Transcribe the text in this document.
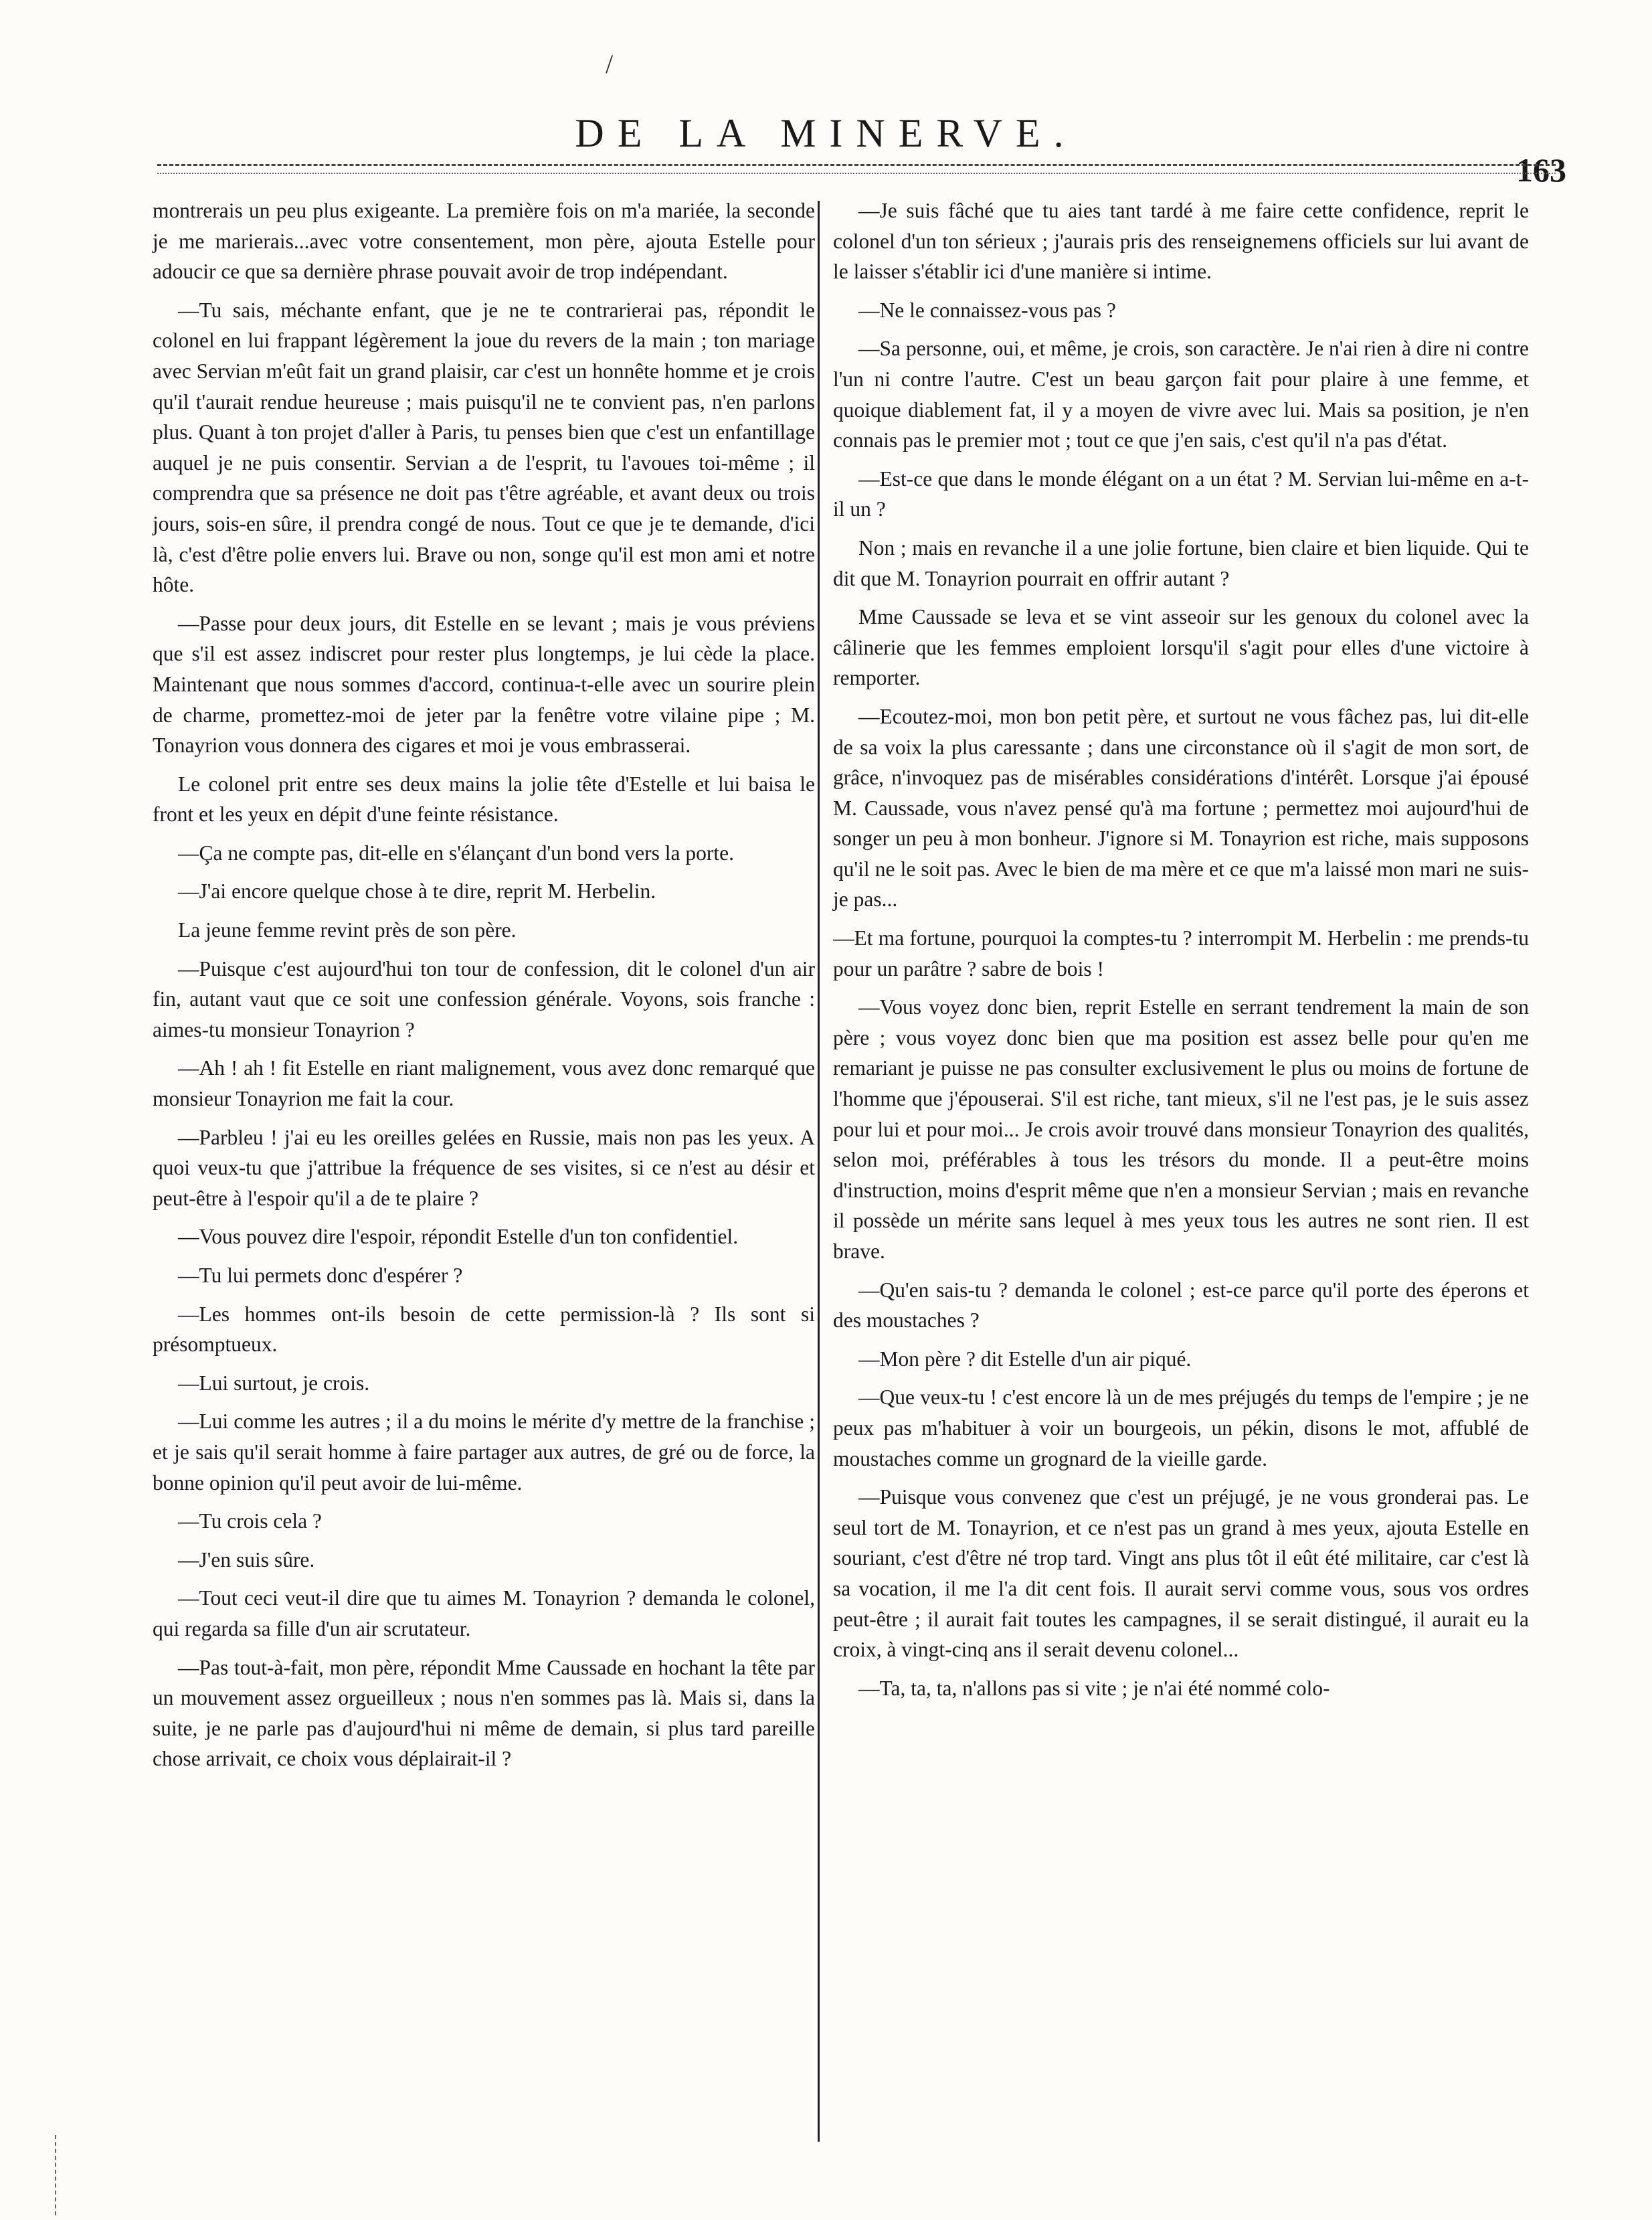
/
DE LA MINERVE.
163

montrerais un peu plus exigeante. La première fois on m'a mariée, la seconde je me marierais...avec votre consentement, mon père, ajouta Estelle pour adoucir ce que sa dernière phrase pouvait avoir de trop indépendant.

—Tu sais, méchante enfant, que je ne te contrarierai pas, répondit le colonel en lui frappant légèrement la joue du revers de la main ; ton mariage avec Servian m'eût fait un grand plaisir, car c'est un honnête homme et je crois qu'il t'aurait rendue heureuse ; mais puisqu'il ne te convient pas, n'en parlons plus. Quant à ton projet d'aller à Paris, tu penses bien que c'est un enfantillage auquel je ne puis consentir. Servian a de l'esprit, tu l'avoues toi-même ; il comprendra que sa présence ne doit pas t'être agréable, et avant deux ou trois jours, sois-en sûre, il prendra congé de nous. Tout ce que je te demande, d'ici là, c'est d'être polie envers lui. Brave ou non, songe qu'il est mon ami et notre hôte.

—Passe pour deux jours, dit Estelle en se levant ; mais je vous préviens que s'il est assez indiscret pour rester plus longtemps, je lui cède la place. Maintenant que nous sommes d'accord, continua-t-elle avec un sourire plein de charme, promettez-moi de jeter par la fenêtre votre vilaine pipe ; M. Tonayrion vous donnera des cigares et moi je vous embrasserai.

Le colonel prit entre ses deux mains la jolie tête d'Estelle et lui baisa le front et les yeux en dépit d'une feinte résistance.

—Ça ne compte pas, dit-elle en s'élançant d'un bond vers la porte.

—J'ai encore quelque chose à te dire, reprit M. Herbelin.

La jeune femme revint près de son père.

—Puisque c'est aujourd'hui ton tour de confession, dit le colonel d'un air fin, autant vaut que ce soit une confession générale. Voyons, sois franche : aimes-tu monsieur Tonayrion ?

—Ah ! ah ! fit Estelle en riant malignement, vous avez donc remarqué que monsieur Tonayrion me fait la cour.

—Parbleu ! j'ai eu les oreilles gelées en Russie, mais non pas les yeux. A quoi veux-tu que j'attribue la fréquence de ses visites, si ce n'est au désir et peut-être à l'espoir qu'il a de te plaire ?

—Vous pouvez dire l'espoir, répondit Estelle d'un ton confidentiel.

—Tu lui permets donc d'espérer ?

—Les hommes ont-ils besoin de cette permission-là ? Ils sont si présomptueux.

—Lui surtout, je crois.

—Lui comme les autres ; il a du moins le mérite d'y mettre de la franchise ; et je sais qu'il serait homme à faire partager aux autres, de gré ou de force, la bonne opinion qu'il peut avoir de lui-même.

—Tu crois cela ?

—J'en suis sûre.

—Tout ceci veut-il dire que tu aimes M. Tonayrion ? demanda le colonel, qui regarda sa fille d'un air scrutateur.

—Pas tout-à-fait, mon père, répondit Mme Caussade en hochant la tête par un mouvement assez orgueilleux ; nous n'en sommes pas là. Mais si, dans la suite, je ne parle pas d'aujourd'hui ni même de demain, si plus tard pareille chose arrivait, ce choix vous déplairait-il ?

—Je suis fâché que tu aies tant tardé à me faire cette confidence, reprit le colonel d'un ton sérieux ; j'aurais pris des renseignemens officiels sur lui avant de le laisser s'établir ici d'une manière si intime.

—Ne le connaissez-vous pas ?

—Sa personne, oui, et même, je crois, son caractère. Je n'ai rien à dire ni contre l'un ni contre l'autre. C'est un beau garçon fait pour plaire à une femme, et quoique diablement fat, il y a moyen de vivre avec lui. Mais sa position, je n'en connais pas le premier mot ; tout ce que j'en sais, c'est qu'il n'a pas d'état.

—Est-ce que dans le monde élégant on a un état ? M. Servian lui-même en a-t-il un ?

Non ; mais en revanche il a une jolie fortune, bien claire et bien liquide. Qui te dit que M. Tonayrion pourrait en offrir autant ?

Mme Caussade se leva et se vint asseoir sur les genoux du colonel avec la câlinerie que les femmes emploient lorsqu'il s'agit pour elles d'une victoire à remporter.

—Ecoutez-moi, mon bon petit père, et surtout ne vous fâchez pas, lui dit-elle de sa voix la plus caressante ; dans une circonstance où il s'agit de mon sort, de grâce, n'invoquez pas de misérables considérations d'intérêt. Lorsque j'ai épousé M. Caussade, vous n'avez pensé qu'à ma fortune ; permettez moi aujourd'hui de songer un peu à mon bonheur. J'ignore si M. Tonayrion est riche, mais supposons qu'il ne le soit pas. Avec le bien de ma mère et ce que m'a laissé mon mari ne suis-je pas...

—Et ma fortune, pourquoi la comptes-tu ? interrompit M. Herbelin : me prends-tu pour un parâtre ? sabre de bois !

—Vous voyez donc bien, reprit Estelle en serrant tendrement la main de son père ; vous voyez donc bien que ma position est assez belle pour qu'en me remariant je puisse ne pas consulter exclusivement le plus ou moins de fortune de l'homme que j'épouserai. S'il est riche, tant mieux, s'il ne l'est pas, je le suis assez pour lui et pour moi... Je crois avoir trouvé dans monsieur Tonayrion des qualités, selon moi, préférables à tous les trésors du monde. Il a peut-être moins d'instruction, moins d'esprit même que n'en a monsieur Servian ; mais en revanche il possède un mérite sans lequel à mes yeux tous les autres ne sont rien. Il est brave.

—Qu'en sais-tu ? demanda le colonel ; est-ce parce qu'il porte des éperons et des moustaches ?

—Mon père ? dit Estelle d'un air piqué.

—Que veux-tu ! c'est encore là un de mes préjugés du temps de l'empire ; je ne peux pas m'habituer à voir un bourgeois, un pékin, disons le mot, affublé de moustaches comme un grognard de la vieille garde.

—Puisque vous convenez que c'est un préjugé, je ne vous gronderai pas. Le seul tort de M. Tonayrion, et ce n'est pas un grand à mes yeux, ajouta Estelle en souriant, c'est d'être né trop tard. Vingt ans plus tôt il eût été militaire, car c'est là sa vocation, il me l'a dit cent fois. Il aurait servi comme vous, sous vos ordres peut-être ; il aurait fait toutes les campagnes, il se serait distingué, il aurait eu la croix, à vingt-cinq ans il serait devenu colonel...

—Ta, ta, ta, n'allons pas si vite ; je n'ai été nommé colo-
